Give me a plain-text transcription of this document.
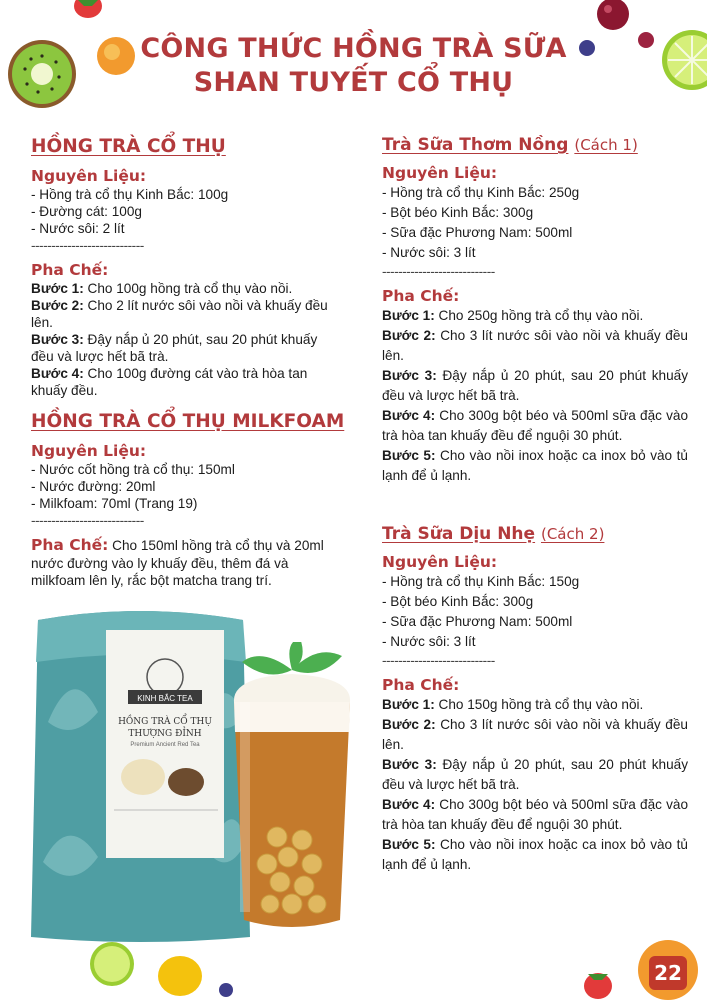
CÔNG THỨC HỒNG TRÀ SỮA
SHAN TUYẾT CỔ THỤ
HỒNG TRÀ CỔ THỤ
Nguyên Liệu:
- Hồng trà cổ thụ Kinh Bắc: 100g
- Đường cát: 100g
- Nước sôi: 2 lít
----------------------------
Pha Chế:
Bước 1: Cho 100g hồng trà cổ thụ vào nồi.
Bước 2: Cho 2 lít nước sôi vào nồi và khuấy đều lên.
Bước 3: Đậy nắp ủ 20 phút, sau 20 phút khuấy đều và lược hết bã trà.
Bước 4: Cho 100g đường cát vào trà hòa tan khuấy đều.
HỒNG TRÀ CỔ THỤ MILKFOAM
Nguyên Liệu:
- Nước cốt hồng trà cổ thụ: 150ml
- Nước đường: 20ml
- Milkfoam: 70ml (Trang 19)
----------------------------
Pha Chế: Cho 150ml hồng trà cổ thụ và 20ml nước đường vào ly khuấy đều, thêm đá và milkfoam lên ly, rắc bột matcha trang trí.
Trà Sữa Thơm Nồng (Cách 1)
Nguyên Liệu:
- Hồng trà cổ thụ Kinh Bắc: 250g
- Bột béo Kinh Bắc: 300g
- Sữa đặc Phương Nam: 500ml
- Nước sôi: 3 lít
----------------------------
Pha Chế:
Bước 1: Cho 250g hồng trà cổ thụ vào nồi.
Bước 2: Cho 3 lít nước sôi vào nồi và khuấy đều lên.
Bước 3: Đậy nắp ủ 20 phút, sau 20 phút khuấy đều và lược hết bã trà.
Bước 4: Cho 300g bột béo và 500ml sữa đặc vào trà hòa tan khuấy đều để nguội 30 phút.
Bước 5: Cho vào nồi inox hoặc ca inox bỏ vào tủ lạnh để ủ lạnh.
Trà Sữa Dịu Nhẹ (Cách 2)
Nguyên Liệu:
- Hồng trà cổ thụ Kinh Bắc: 150g
- Bột béo Kinh Bắc: 300g
- Sữa đặc Phương Nam: 500ml
- Nước sôi: 3 lít
----------------------------
Pha Chế:
Bước 1: Cho 150g hồng trà cổ thụ vào nồi.
Bước 2: Cho 3 lít nước sôi vào nồi và khuấy đều lên.
Bước 3: Đậy nắp ủ 20 phút, sau 20 phút khuấy đều và lược hết bã trà.
Bước 4: Cho 300g bột béo và 500ml sữa đặc vào trà hòa tan khuấy đều để nguội 30 phút.
Bước 5: Cho vào nồi inox hoặc ca inox bỏ vào tủ lạnh để ủ lạnh.
KINH BẮC TEA
HỒNG TRÀ CỔ THỤ
THƯỢNG ĐỈNH
Premium Ancient Red Tea
22
